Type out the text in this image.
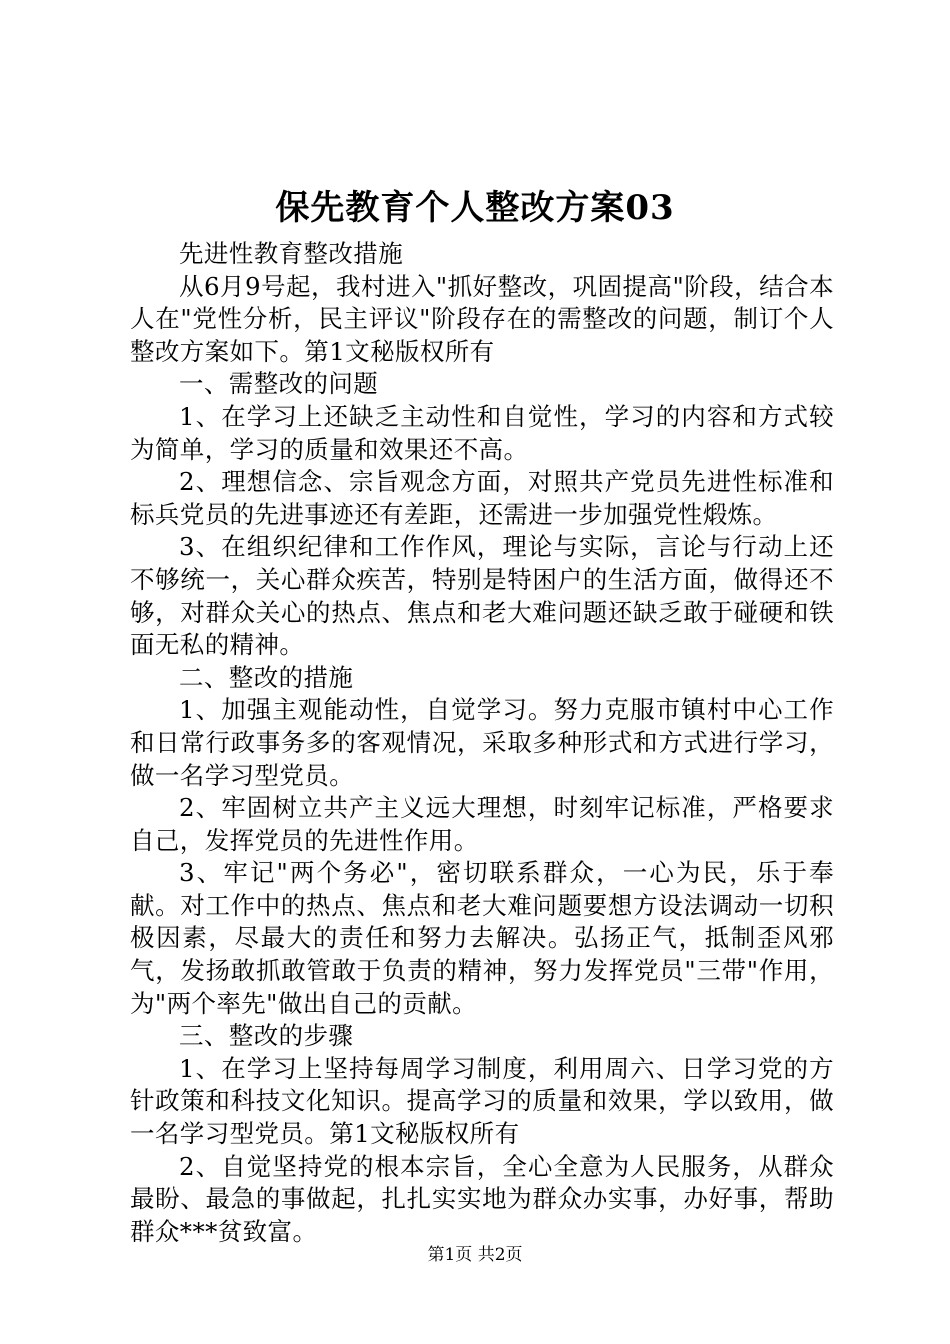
保先教育个人整改方案03

先进性教育整改措施

从6月9号起，我村进入"抓好整改，巩固提高"阶段，结合本人在"党性分析，民主评议"阶段存在的需整改的问题，制订个人整改方案如下。第1文秘版权所有

一、需整改的问题

1、在学习上还缺乏主动性和自觉性，学习的内容和方式较为简单，学习的质量和效果还不高。

2、理想信念、宗旨观念方面，对照共产党员先进性标准和标兵党员的先进事迹还有差距，还需进一步加强党性煅炼。

3、在组织纪律和工作作风，理论与实际，言论与行动上还不够统一，关心群众疾苦，特别是特困户的生活方面，做得还不够，对群众关心的热点、焦点和老大难问题还缺乏敢于碰硬和铁面无私的精神。

二、整改的措施

1、加强主观能动性，自觉学习。努力克服市镇村中心工作和日常行政事务多的客观情况，采取多种形式和方式进行学习，做一名学习型党员。

2、牢固树立共产主义远大理想，时刻牢记标准，严格要求自己，发挥党员的先进性作用。

3、牢记"两个务必"，密切联系群众，一心为民，乐于奉献。对工作中的热点、焦点和老大难问题要想方设法调动一切积极因素，尽最大的责任和努力去解决。弘扬正气，抵制歪风邪气，发扬敢抓敢管敢于负责的精神，努力发挥党员"三带"作用，为"两个率先"做出自己的贡献。

三、整改的步骤

1、在学习上坚持每周学习制度，利用周六、日学习党的方针政策和科技文化知识。提高学习的质量和效果，学以致用，做一名学习型党员。第1文秘版权所有

2、自觉坚持党的根本宗旨，全心全意为人民服务，从群众最盼、最急的事做起，扎扎实实地为群众办实事，办好事，帮助群众***贫致富。

第1页 共2页
